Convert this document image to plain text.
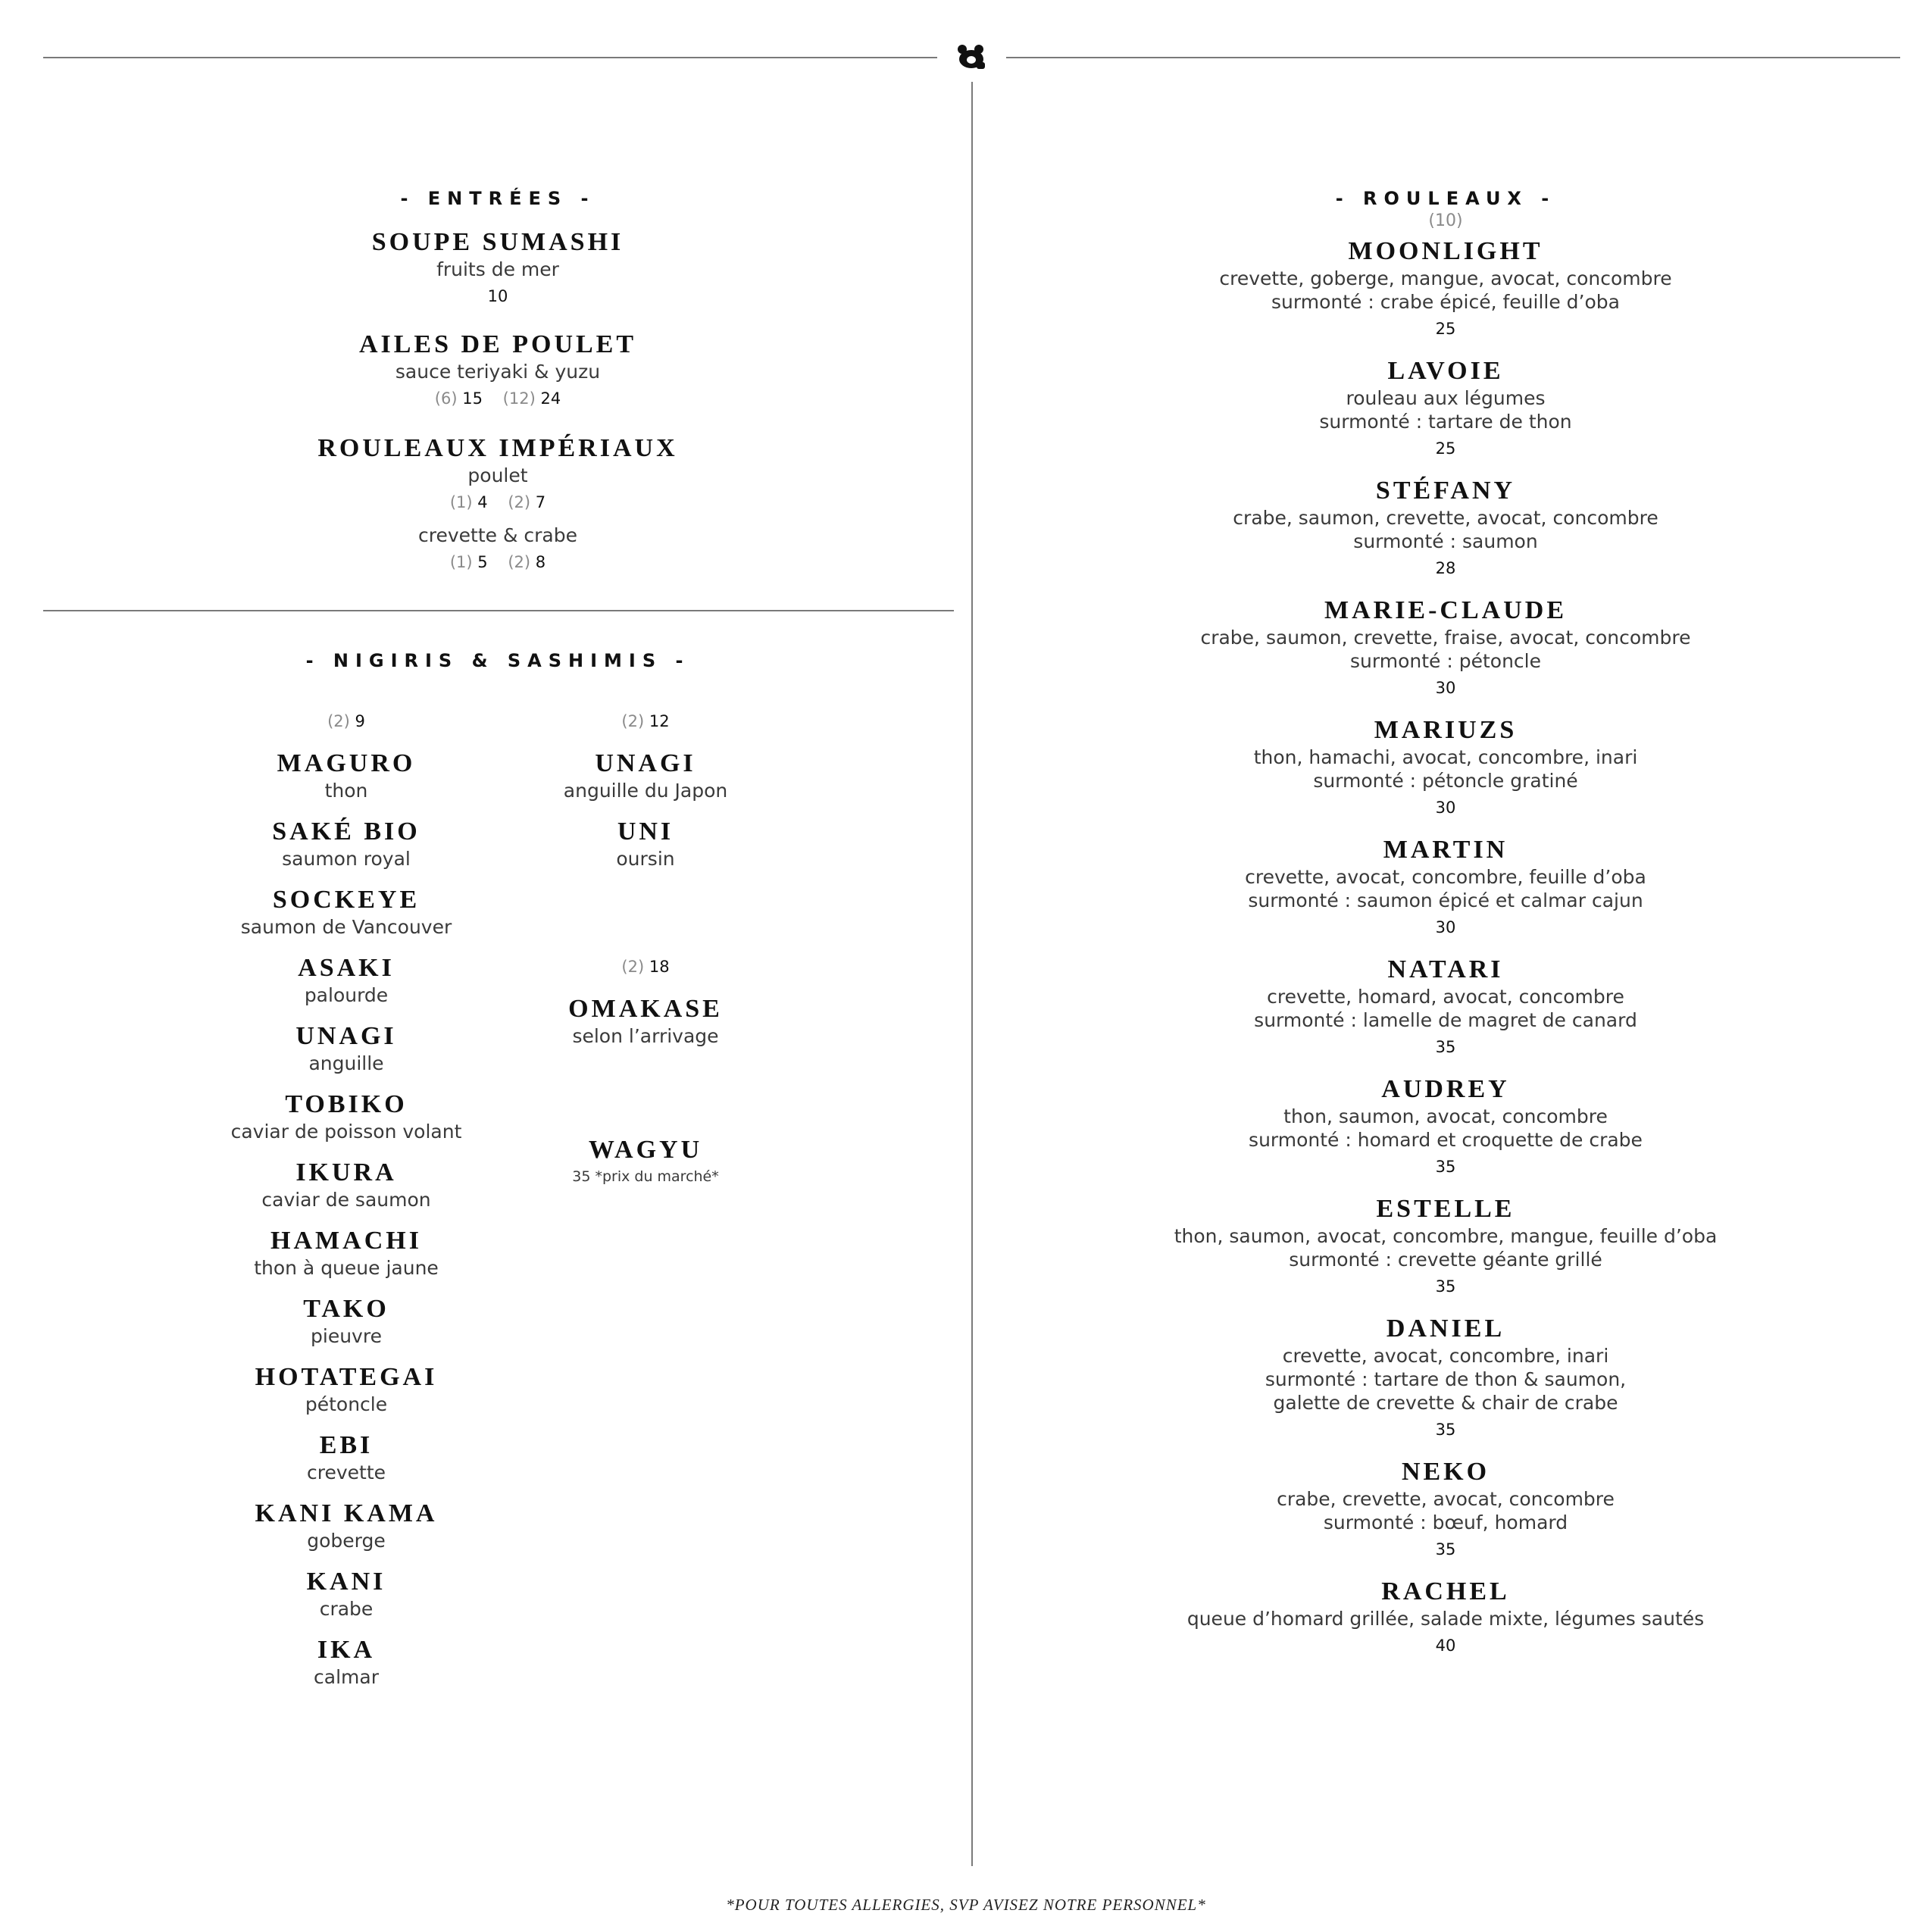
- ENTRÉES -
SOUPE SUMASHI
fruits de mer
10
AILES DE POULET
sauce teriyaki & yuzu
(6) 15 (12) 24
ROULEAUX IMPÉRIAUX
poulet
(1) 4 (2) 7
crevette & crabe
(1) 5 (2) 8
- NIGIRIS & SASHIMIS -
(2) 9
MAGURO
thon
SAKÉ BIO
saumon royal
SOCKEYE
saumon de Vancouver
ASAKI
palourde
UNAGI
anguille
TOBIKO
caviar de poisson volant
IKURA
caviar de saumon
HAMACHI
thon à queue jaune
TAKO
pieuvre
HOTATEGAI
pétoncle
EBI
crevette
KANI KAMA
goberge
KANI
crabe
IKA
calmar
(2) 12
UNAGI
anguille du Japon
UNI
oursin
(2) 18
OMAKASE
selon l’arrivage
WAGYU
35 *prix du marché*
- ROULEAUX -
(10)
MOONLIGHT
crevette, goberge, mangue, avocat, concombre
surmonté : crabe épicé, feuille d’oba
25
LAVOIE
rouleau aux légumes
surmonté : tartare de thon
25
STÉFANY
crabe, saumon, crevette, avocat, concombre
surmonté : saumon
28
MARIE-CLAUDE
crabe, saumon, crevette, fraise, avocat, concombre
surmonté : pétoncle
30
MARIUZS
thon, hamachi, avocat, concombre, inari
surmonté : pétoncle gratiné
30
MARTIN
crevette, avocat, concombre, feuille d’oba
surmonté : saumon épicé et calmar cajun
30
NATARI
crevette, homard, avocat, concombre
surmonté : lamelle de magret de canard
35
AUDREY
thon, saumon, avocat, concombre
surmonté : homard et croquette de crabe
35
ESTELLE
thon, saumon, avocat, concombre, mangue, feuille d’oba
surmonté : crevette géante grillé
35
DANIEL
crevette, avocat, concombre, inari
surmonté : tartare de thon & saumon,
galette de crevette & chair de crabe
35
NEKO
crabe, crevette, avocat, concombre
surmonté : bœuf, homard
35
RACHEL
queue d’homard grillée, salade mixte, légumes sautés
40
*POUR TOUTES ALLERGIES, SVP AVISEZ NOTRE PERSONNEL*
